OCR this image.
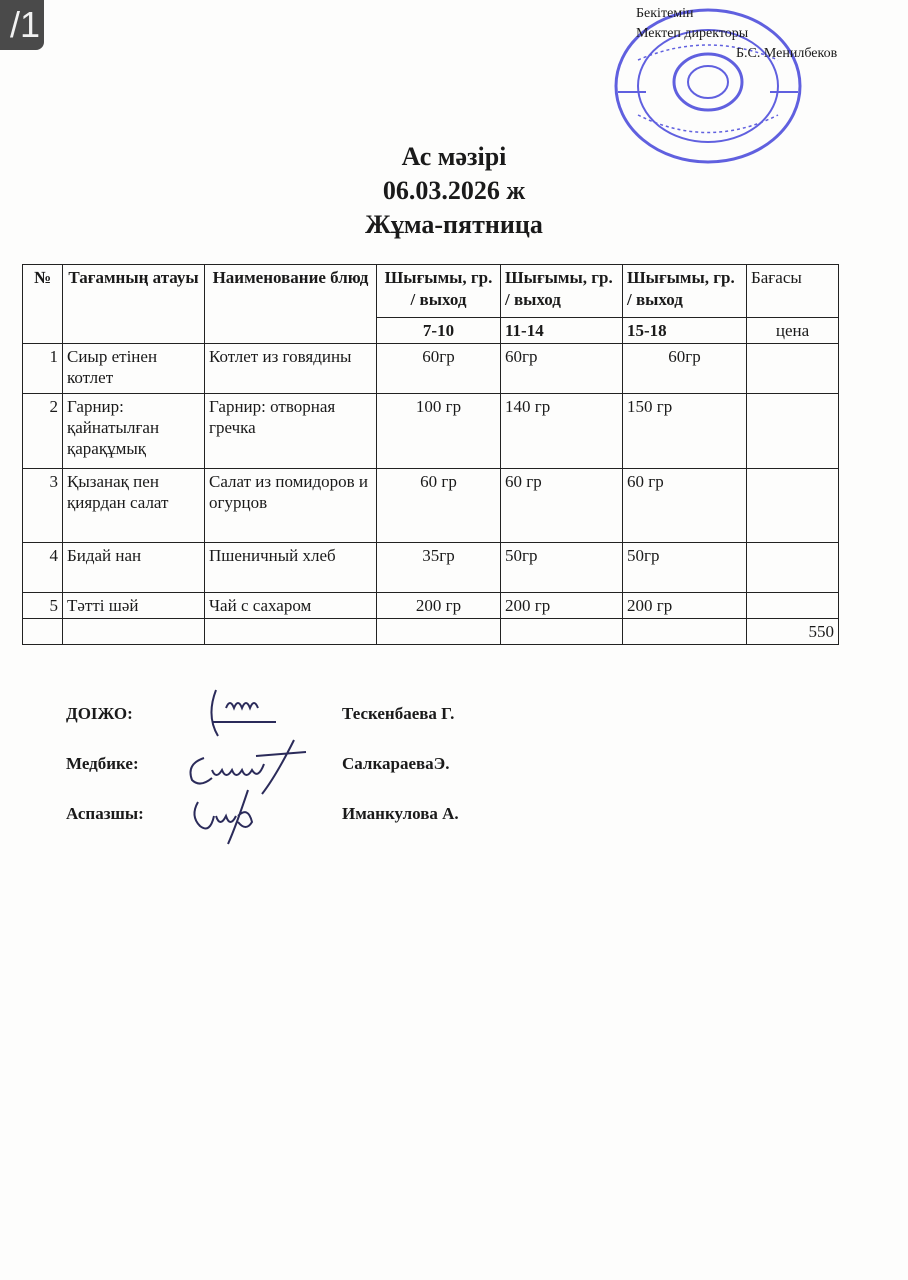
/1	Бекітемін
Мектеп директоры
Б.С. Менилбеков
Ас мәзірі
06.03.2026 ж
Жұма-пятница
№	Тағамның атауы	Наименование блюд	Шығымы, гр. / выход	Шығымы, гр. / выход	Шығымы, гр. / выход	Бағасы
						цена
			7-10	11-14	15-18	
1	Сиыр етінен котлет	Котлет из говядины	60гр	60гр	60гр	
2	Гарнир: қайнатылған қарақұмық	Гарнир: отворная гречка	100 гр	140 гр	150 гр	
3	Қызанақ пен қиярдан салат	Салат из помидоров и огурцов	60 гр	60 гр	60 гр	
4	Бидай нан	Пшеничный хлеб	35гр	50гр	50гр	
5	Тәтті шәй	Чай с сахаром	200 гр	200 гр	200 гр	
						550
ДОІЖО:	Тескенбаева Г.
Медбике:	СалкараеваЭ.
Аспазшы:	Иманкулова А.
